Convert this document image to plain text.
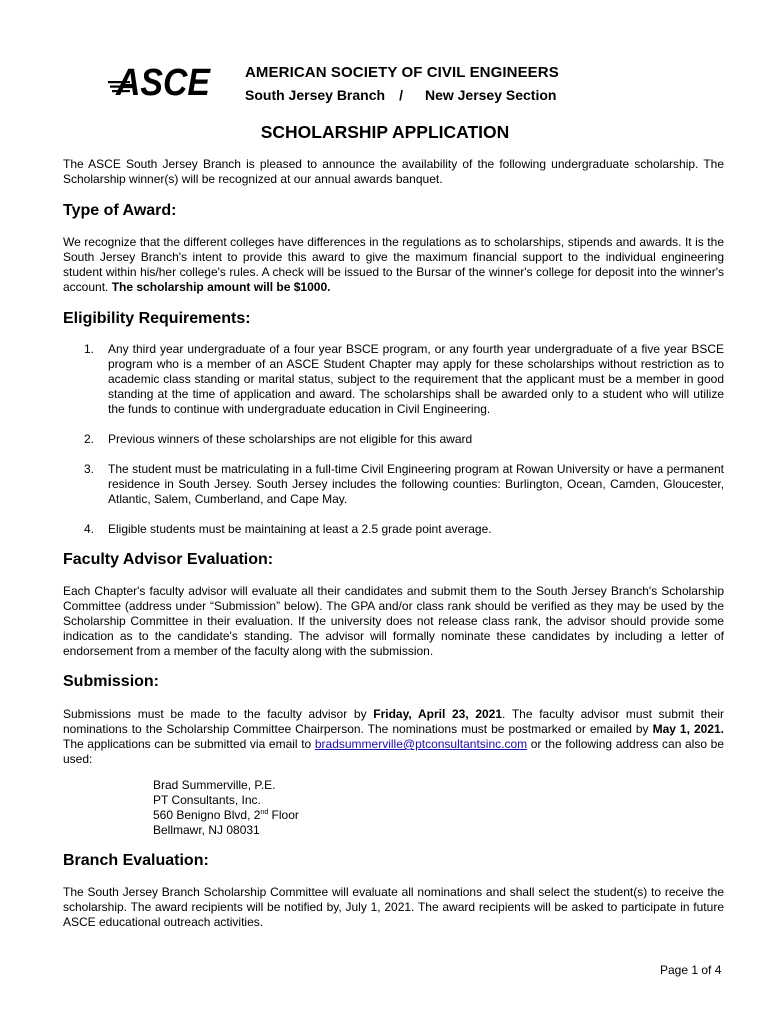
ASCE AMERICAN SOCIETY OF CIVIL ENGINEERS
South Jersey Branch / New Jersey Section
SCHOLARSHIP APPLICATION
The ASCE South Jersey Branch is pleased to announce the availability of the following undergraduate scholarship. The Scholarship winner(s) will be recognized at our annual awards banquet.
Type of Award:
We recognize that the different colleges have differences in the regulations as to scholarships, stipends and awards. It is the South Jersey Branch's intent to provide this award to give the maximum financial support to the individual engineering student within his/her college's rules. A check will be issued to the Bursar of the winner's college for deposit into the winner's account. The scholarship amount will be $1000.
Eligibility Requirements:
1. Any third year undergraduate of a four year BSCE program, or any fourth year undergraduate of a five year BSCE program who is a member of an ASCE Student Chapter may apply for these scholarships without restriction as to academic class standing or marital status, subject to the requirement that the applicant must be a member in good standing at the time of application and award. The scholarships shall be awarded only to a student who will utilize the funds to continue with undergraduate education in Civil Engineering.
2. Previous winners of these scholarships are not eligible for this award
3. The student must be matriculating in a full-time Civil Engineering program at Rowan University or have a permanent residence in South Jersey. South Jersey includes the following counties: Burlington, Ocean, Camden, Gloucester, Atlantic, Salem, Cumberland, and Cape May.
4. Eligible students must be maintaining at least a 2.5 grade point average.
Faculty Advisor Evaluation:
Each Chapter's faculty advisor will evaluate all their candidates and submit them to the South Jersey Branch's Scholarship Committee (address under “Submission” below). The GPA and/or class rank should be verified as they may be used by the Scholarship Committee in their evaluation. If the university does not release class rank, the advisor should provide some indication as to the candidate's standing. The advisor will formally nominate these candidates by including a letter of endorsement from a member of the faculty along with the submission.
Submission:
Submissions must be made to the faculty advisor by Friday, April 23, 2021. The faculty advisor must submit their nominations to the Scholarship Committee Chairperson. The nominations must be postmarked or emailed by May 1, 2021. The applications can be submitted via email to bradsummerville@ptconsultantsinc.com or the following address can also be used:
Brad Summerville, P.E.
PT Consultants, Inc.
560 Benigno Blvd, 2nd Floor
Bellmawr, NJ 08031
Branch Evaluation:
The South Jersey Branch Scholarship Committee will evaluate all nominations and shall select the student(s) to receive the scholarship. The award recipients will be notified by, July 1, 2021. The award recipients will be asked to participate in future ASCE educational outreach activities.
Page 1 of 4
